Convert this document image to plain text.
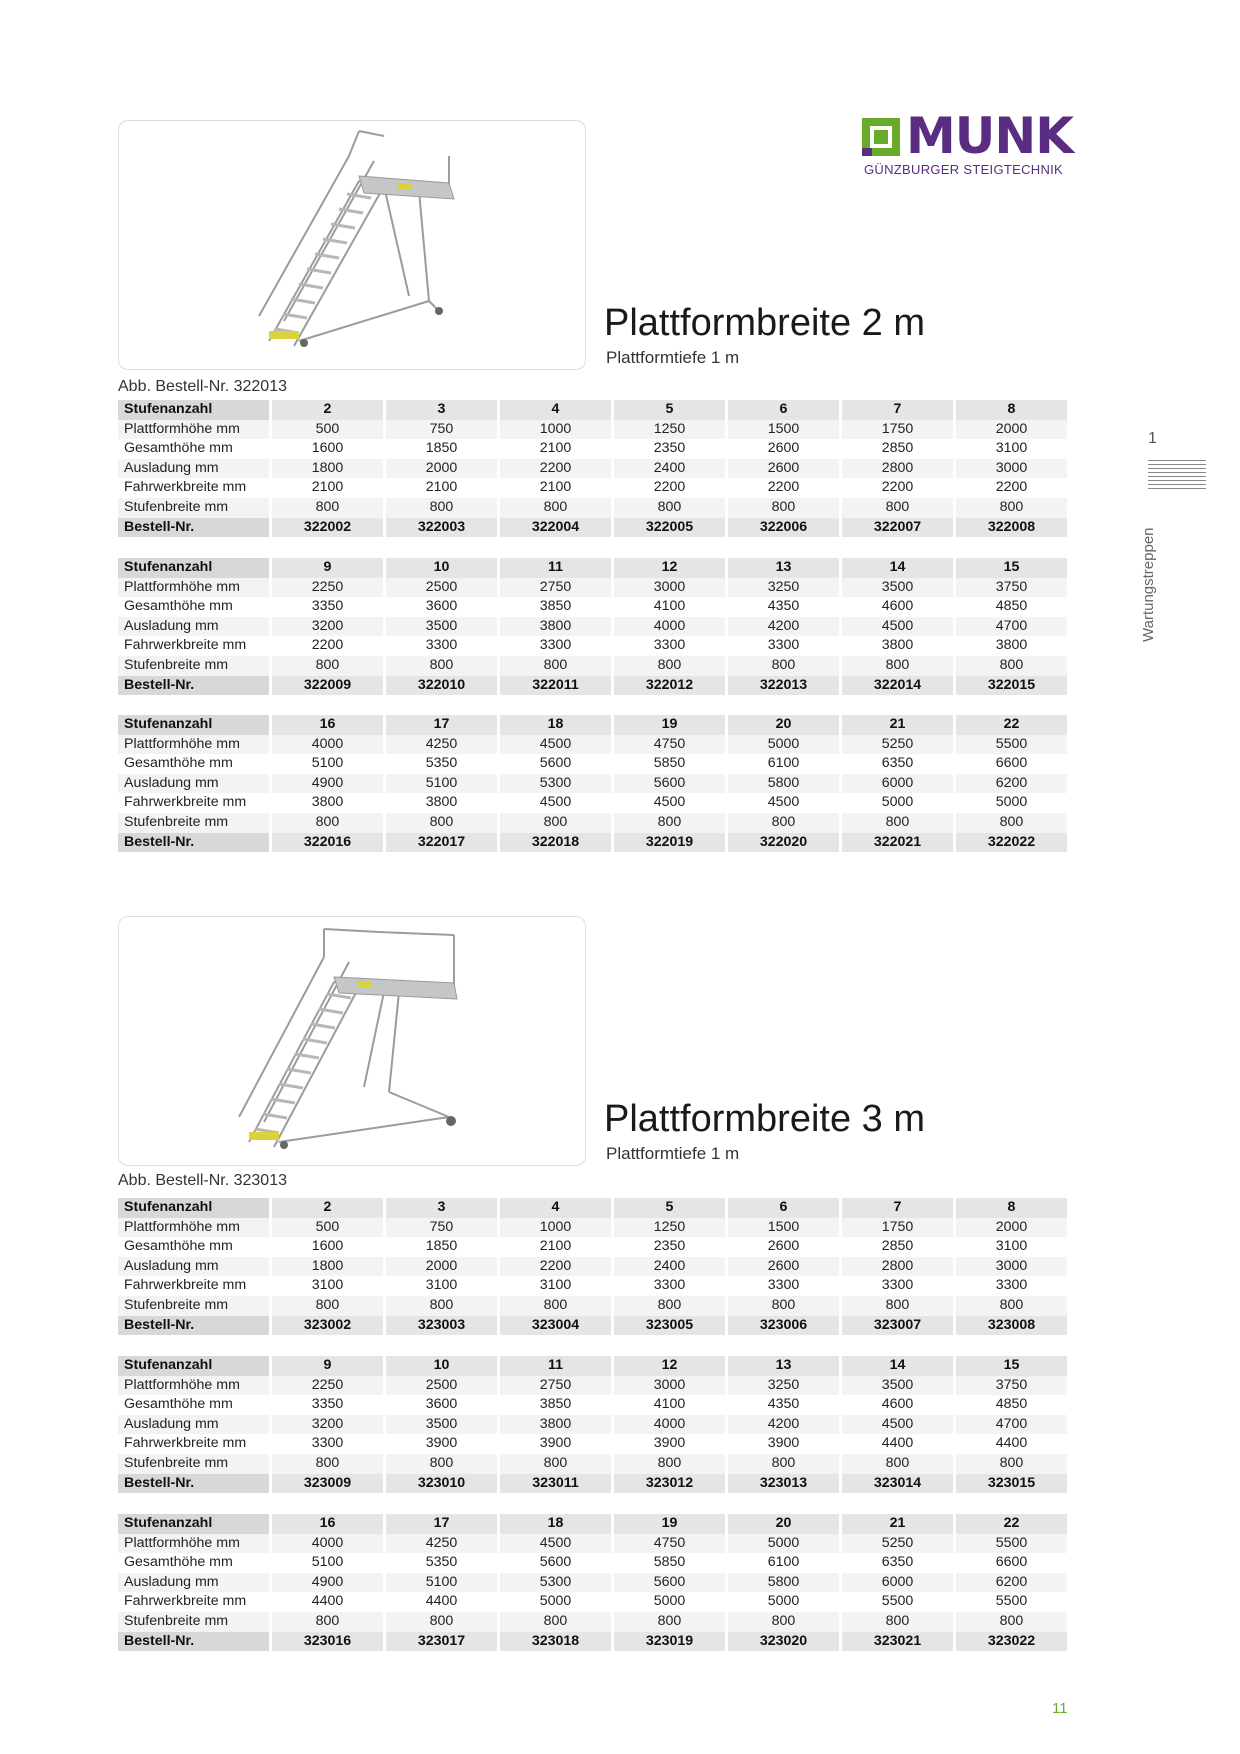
MUNK
GÜNZBURGER STEIGTECHNIK
1
Wartungstreppen
Abb. Bestell-Nr. 322013
Plattformbreite 2 m
Plattformtiefe 1 m
Stufenanzahl	2	3	4	5	6	7	8
Plattformhöhe mm	500	750	1000	1250	1500	1750	2000
Gesamthöhe mm	1600	1850	2100	2350	2600	2850	3100
Ausladung mm	1800	2000	2200	2400	2600	2800	3000
Fahrwerkbreite mm	2100	2100	2100	2200	2200	2200	2200
Stufenbreite mm	800	800	800	800	800	800	800
Bestell-Nr.	322002	322003	322004	322005	322006	322007	322008
Stufenanzahl	9	10	11	12	13	14	15
Plattformhöhe mm	2250	2500	2750	3000	3250	3500	3750
Gesamthöhe mm	3350	3600	3850	4100	4350	4600	4850
Ausladung mm	3200	3500	3800	4000	4200	4500	4700
Fahrwerkbreite mm	2200	3300	3300	3300	3300	3800	3800
Stufenbreite mm	800	800	800	800	800	800	800
Bestell-Nr.	322009	322010	322011	322012	322013	322014	322015
Stufenanzahl	16	17	18	19	20	21	22
Plattformhöhe mm	4000	4250	4500	4750	5000	5250	5500
Gesamthöhe mm	5100	5350	5600	5850	6100	6350	6600
Ausladung mm	4900	5100	5300	5600	5800	6000	6200
Fahrwerkbreite mm	3800	3800	4500	4500	4500	5000	5000
Stufenbreite mm	800	800	800	800	800	800	800
Bestell-Nr.	322016	322017	322018	322019	322020	322021	322022
Abb. Bestell-Nr. 323013
Plattformbreite 3 m
Plattformtiefe 1 m
Stufenanzahl	2	3	4	5	6	7	8
Plattformhöhe mm	500	750	1000	1250	1500	1750	2000
Gesamthöhe mm	1600	1850	2100	2350	2600	2850	3100
Ausladung mm	1800	2000	2200	2400	2600	2800	3000
Fahrwerkbreite mm	3100	3100	3100	3300	3300	3300	3300
Stufenbreite mm	800	800	800	800	800	800	800
Bestell-Nr.	323002	323003	323004	323005	323006	323007	323008
Stufenanzahl	9	10	11	12	13	14	15
Plattformhöhe mm	2250	2500	2750	3000	3250	3500	3750
Gesamthöhe mm	3350	3600	3850	4100	4350	4600	4850
Ausladung mm	3200	3500	3800	4000	4200	4500	4700
Fahrwerkbreite mm	3300	3900	3900	3900	3900	4400	4400
Stufenbreite mm	800	800	800	800	800	800	800
Bestell-Nr.	323009	323010	323011	323012	323013	323014	323015
Stufenanzahl	16	17	18	19	20	21	22
Plattformhöhe mm	4000	4250	4500	4750	5000	5250	5500
Gesamthöhe mm	5100	5350	5600	5850	6100	6350	6600
Ausladung mm	4900	5100	5300	5600	5800	6000	6200
Fahrwerkbreite mm	4400	4400	5000	5000	5000	5500	5500
Stufenbreite mm	800	800	800	800	800	800	800
Bestell-Nr.	323016	323017	323018	323019	323020	323021	323022
11
